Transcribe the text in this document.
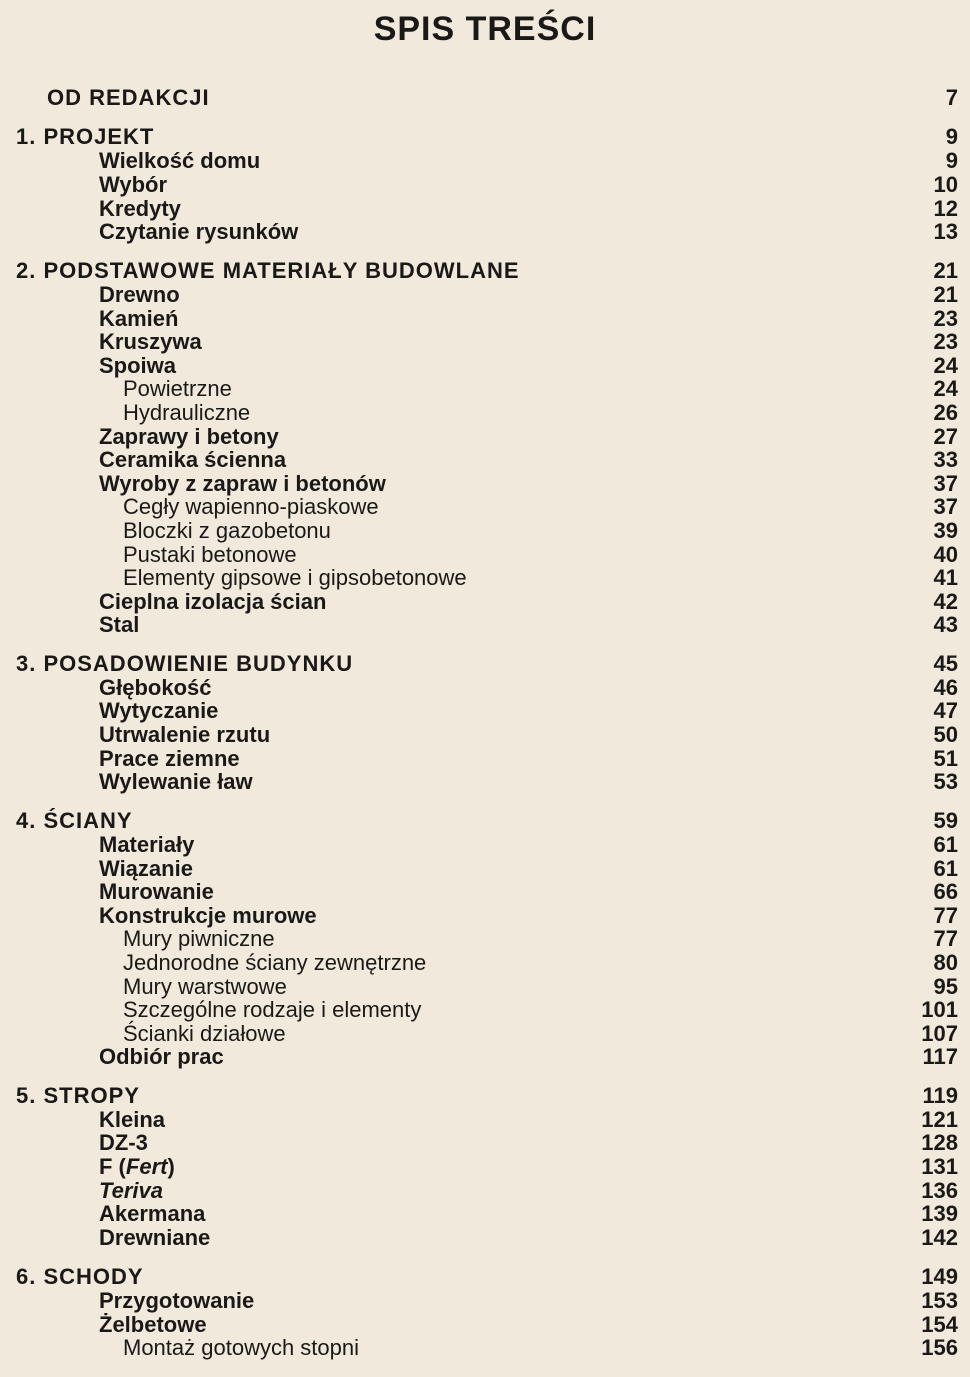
SPIS TREŚCI
OD REDAKCJI	7
1. PROJEKT	9
Wielkość domu	9
Wybór	10
Kredyty	12
Czytanie rysunków	13
2. PODSTAWOWE MATERIAŁY BUDOWLANE	21
Drewno	21
Kamień	23
Kruszywa	23
Spoiwa	24
Powietrzne	24
Hydrauliczne	26
Zaprawy i betony	27
Ceramika ścienna	33
Wyroby z zapraw i betonów	37
Cegły wapienno-piaskowe	37
Bloczki z gazobetonu	39
Pustaki betonowe	40
Elementy gipsowe i gipsobetonowe	41
Cieplna izolacja ścian	42
Stal	43
3. POSADOWIENIE BUDYNKU	45
Głębokość	46
Wytyczanie	47
Utrwalenie rzutu	50
Prace ziemne	51
Wylewanie ław	53
4. ŚCIANY	59
Materiały	61
Wiązanie	61
Murowanie	66
Konstrukcje murowe	77
Mury piwniczne	77
Jednorodne ściany zewnętrzne	80
Mury warstwowe	95
Szczególne rodzaje i elementy	101
Ścianki działowe	107
Odbiór prac	117
5. STROPY	119
Kleina	121
DZ-3	128
F (Fert)	131
Teriva	136
Akermana	139
Drewniane	142
6. SCHODY	149
Przygotowanie	153
Żelbetowe	154
Montaż gotowych stopni	156
